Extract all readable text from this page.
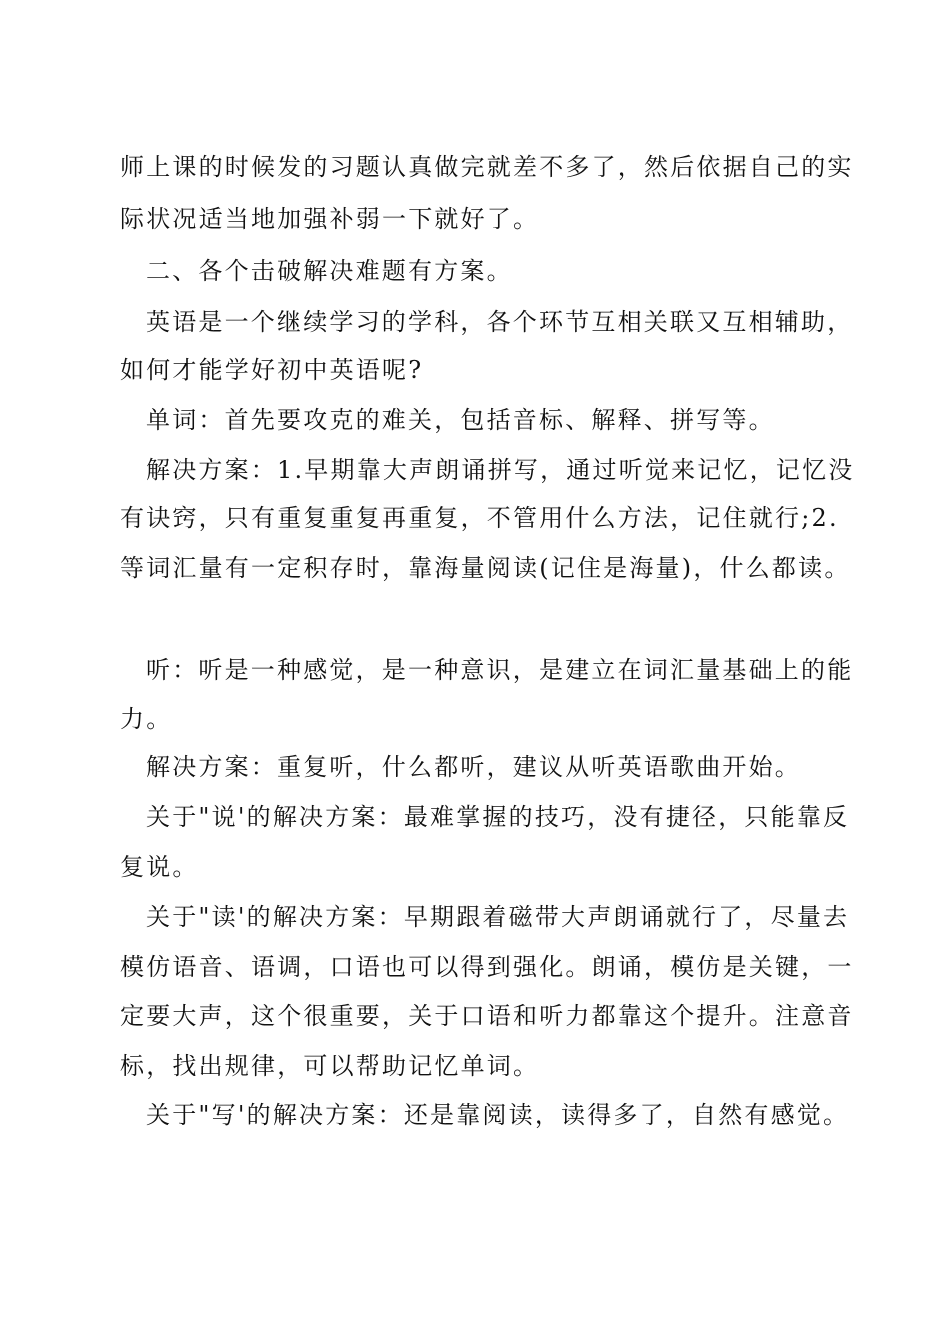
师上课的时候发的习题认真做完就差不多了，然后依据自己的实
际状况适当地加强补弱一下就好了。
二、各个击破解决难题有方案。
英语是一个继续学习的学科，各个环节互相关联又互相辅助，
如何才能学好初中英语呢?
单词：首先要攻克的难关，包括音标、解释、拼写等。
解决方案：1.早期靠大声朗诵拼写，通过听觉来记忆，记忆没
有诀窍，只有重复重复再重复，不管用什么方法，记住就行;2.
等词汇量有一定积存时，靠海量阅读(记住是海量)，什么都读。
听：听是一种感觉，是一种意识，是建立在词汇量基础上的能
力。
解决方案：重复听，什么都听，建议从听英语歌曲开始。
关于"说'的解决方案：最难掌握的技巧，没有捷径，只能靠反
复说。
关于"读'的解决方案：早期跟着磁带大声朗诵就行了，尽量去
模仿语音、语调，口语也可以得到强化。朗诵，模仿是关键，一
定要大声，这个很重要，关于口语和听力都靠这个提升。注意音
标，找出规律，可以帮助记忆单词。
关于"写'的解决方案：还是靠阅读，读得多了，自然有感觉。
